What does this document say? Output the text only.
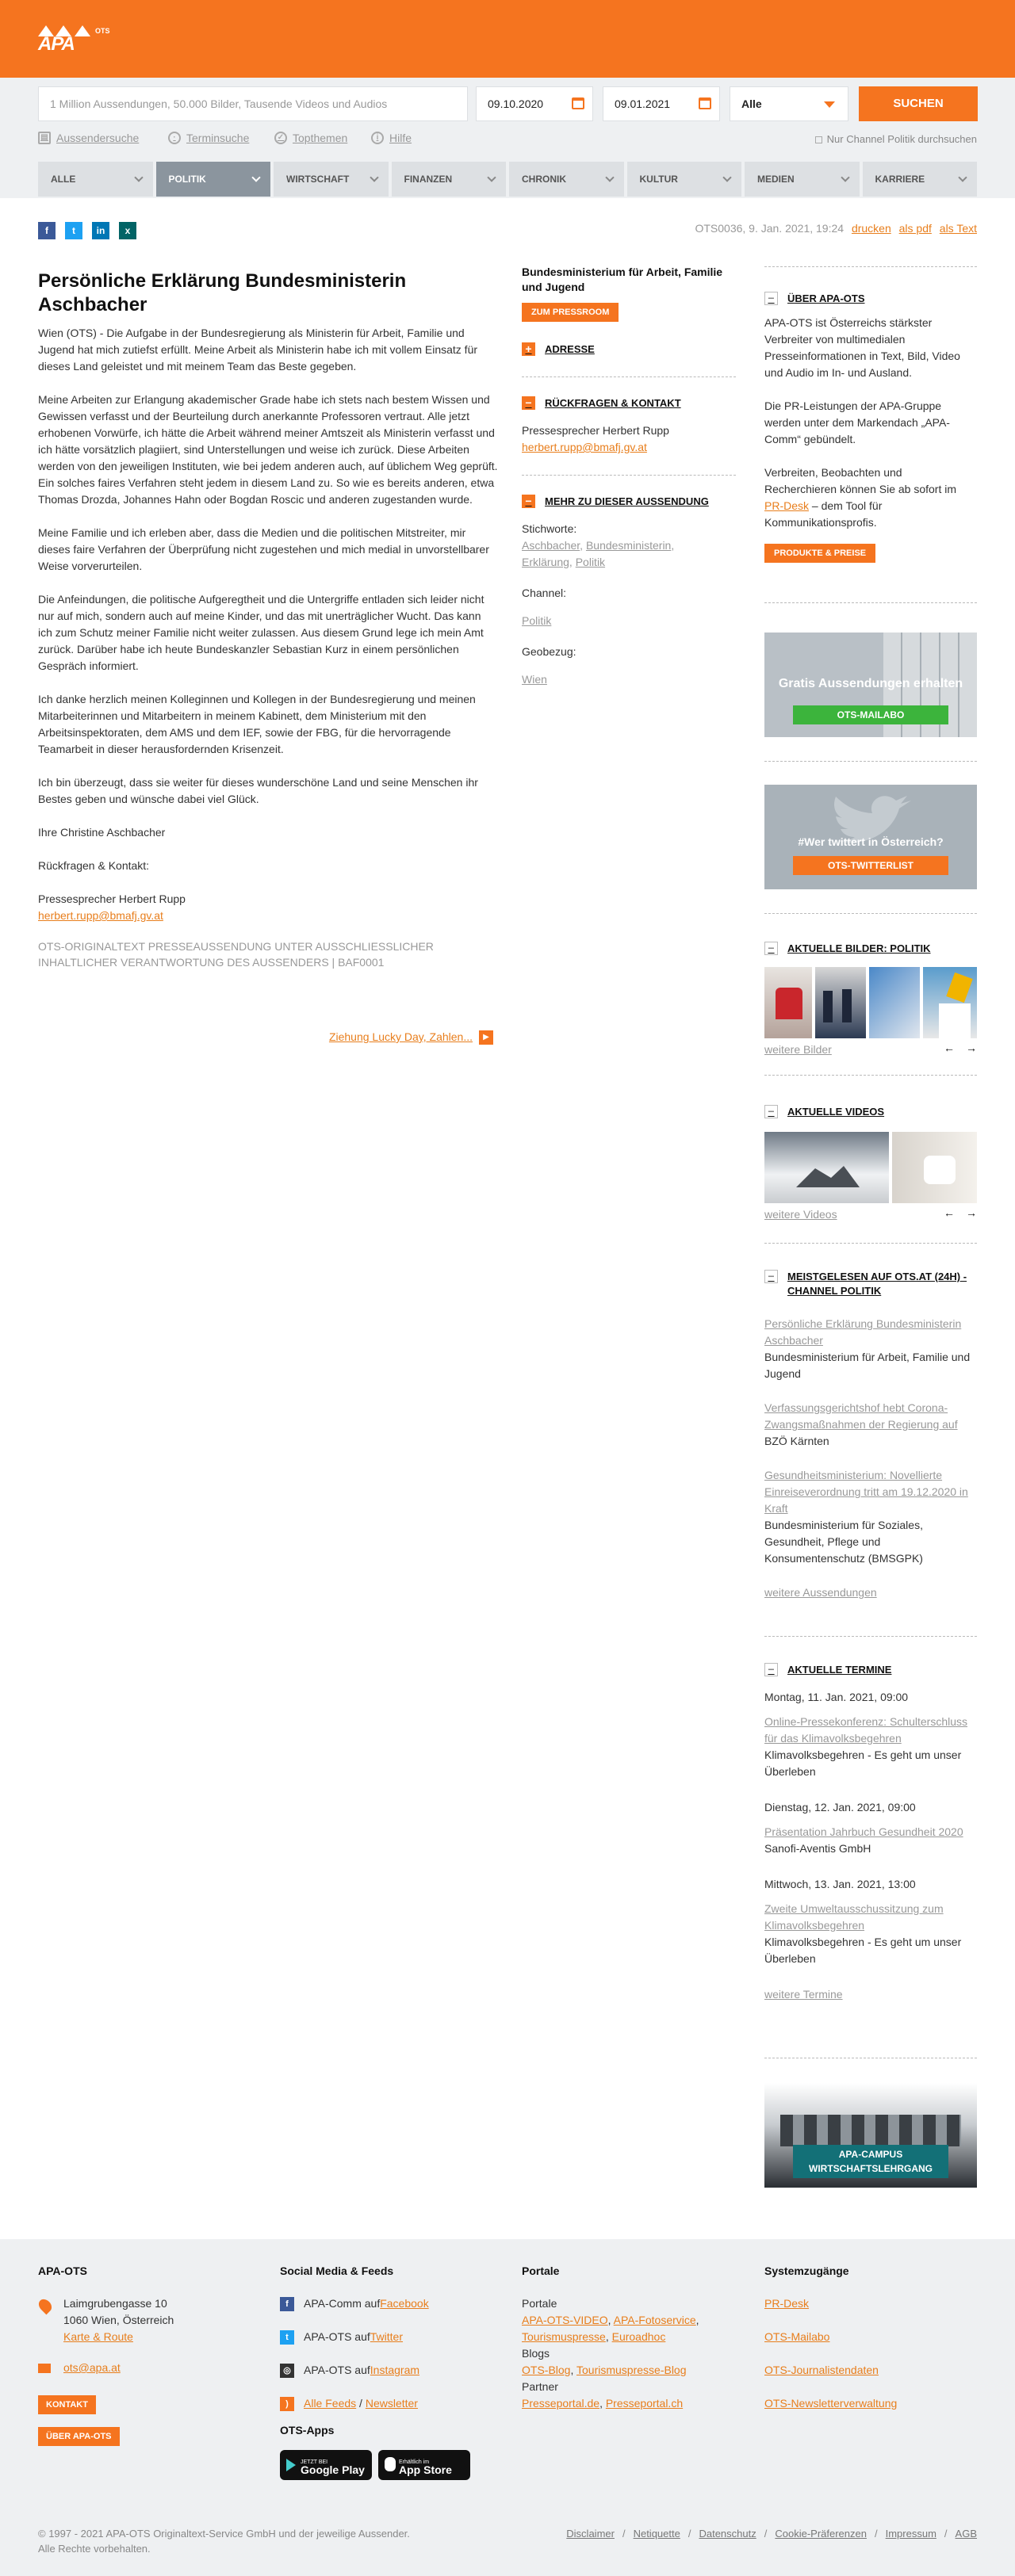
APA
OTS
1 Million Aussendungen, 50.000 Bilder, Tausende Videos und Audios	09.10.2020	09.01.2021	Alle	SUCHEN
▤ Aussendersuche	· Terminsuche	✓ Topthemen	i Hilfe	Nur Channel Politik durchsuchen
ALLE	POLITIK	WIRTSCHAFT	FINANZEN	CHRONIK	KULTUR	MEDIEN	KARRIERE
f	t	in	x	OTS0036, 9. Jan. 2021, 19:24 drucken als pdf als Text
Persönliche Erklärung Bundesministerin Aschbacher

Wien (OTS) - Die Aufgabe in der Bundesregierung als Ministerin für Arbeit, Familie und Jugend hat mich zutiefst erfüllt. Meine Arbeit als Ministerin habe ich mit vollem Einsatz für dieses Land geleistet und mit meinem Team das Beste gegeben.

Meine Arbeiten zur Erlangung akademischer Grade habe ich stets nach bestem Wissen und Gewissen verfasst und der Beurteilung durch anerkannte Professoren vertraut. Alle jetzt erhobenen Vorwürfe, ich hätte die Arbeit während meiner Amtszeit als Ministerin verfasst und ich hätte vorsätzlich plagiiert, sind Unterstellungen und weise ich zurück. Diese Arbeiten werden von den jeweiligen Instituten, wie bei jedem anderen auch, auf üblichem Weg geprüft. Ein solches faires Verfahren steht jedem in diesem Land zu. So wie es bereits anderen, etwa Thomas Drozda, Johannes Hahn oder Bogdan Roscic und anderen zugestanden wurde.

Meine Familie und ich erleben aber, dass die Medien und die politischen Mitstreiter, mir dieses faire Verfahren der Überprüfung nicht zugestehen und mich medial in unvorstellbarer Weise vorverurteilen.

Die Anfeindungen, die politische Aufgeregtheit und die Untergriffe entladen sich leider nicht nur auf mich, sondern auch auf meine Kinder, und das mit unerträglicher Wucht. Das kann ich zum Schutz meiner Familie nicht weiter zulassen. Aus diesem Grund lege ich mein Amt zurück. Darüber habe ich heute Bundeskanzler Sebastian Kurz in einem persönlichen Gespräch informiert.

Ich danke herzlich meinen Kolleginnen und Kollegen in der Bundesregierung und meinen Mitarbeiterinnen und Mitarbeitern in meinem Kabinett, dem Ministerium mit den Arbeitsinspektoraten, dem AMS und dem IEF, sowie der FBG, für die hervorragende Teamarbeit in dieser herausfordernden Krisenzeit.

Ich bin überzeugt, dass sie weiter für dieses wunderschöne Land und seine Menschen ihr Bestes geben und wünsche dabei viel Glück.

Ihre Christine Aschbacher

Rückfragen & Kontakt:

Pressesprecher Herbert Rupp

herbert.rupp@bmafj.gv.at

OTS-ORIGINALTEXT PRESSEAUSSENDUNG UNTER AUSSCHLIESSLICHER INHALTLICHER VERANTWORTUNG DES AUSSENDERS | BAF0001

Ziehung Lucky Day, Zahlen... ▶
Bundesministerium für Arbeit, Familie und Jugend
ZUM PRESSROOM
+	ADRESSE
−	RÜCKFRAGEN & KONTAKT
Pressesprecher Herbert Rupp
herbert.rupp@bmafj.gv.at
−	MEHR ZU DIESER AUSSENDUNG
Stichworte:
Aschbacher, Bundesministerin, Erklärung, Politik
Channel:
Politik
Geobezug:
Wien
−	ÜBER APA-OTS
APA-OTS ist Österreichs stärkster Verbreiter von multimedialen Presseinformationen in Text, Bild, Video und Audio im In- und Ausland.
Die PR-Leistungen der APA-Gruppe werden unter dem Markendach „APA-Comm“ gebündelt.
Verbreiten, Beobachten und Recherchieren können Sie ab sofort im PR-Desk – dem Tool für Kommunikationsprofis.
PRODUKTE & PREISE
Gratis Aussendungen erhalten
OTS-MAILABO
#Wer twittert in Österreich?
OTS-TWITTERLIST
−	AKTUELLE BILDER: POLITIK
weitere Bilder	← →
−	AKTUELLE VIDEOS
weitere Videos	← →
−	MEISTGELESEN AUF OTS.AT (24H) - CHANNEL POLITIK
Persönliche Erklärung Bundesministerin Aschbacher
Bundesministerium für Arbeit, Familie und Jugend
Verfassungsgerichtshof hebt Corona-Zwangsmaßnahmen der Regierung auf
BZÖ Kärnten
Gesundheitsministerium: Novellierte Einreiseverordnung tritt am 19.12.2020 in Kraft
Bundesministerium für Soziales, Gesundheit, Pflege und Konsumentenschutz (BMSGPK)
weitere Aussendungen
−	AKTUELLE TERMINE
Montag, 11. Jan. 2021, 09:00
Online-Pressekonferenz: Schulterschluss für das Klimavolksbegehren
Klimavolksbegehren - Es geht um unser Überleben
Dienstag, 12. Jan. 2021, 09:00
Präsentation Jahrbuch Gesundheit 2020
Sanofi-Aventis GmbH
Mittwoch, 13. Jan. 2021, 13:00
Zweite Umweltausschussitzung zum Klimavolksbegehren
Klimavolksbegehren - Es geht um unser Überleben
weitere Termine
APA-CAMPUS
WIRTSCHAFTSLEHRGANG
APA-OTS
Laimgrubengasse 10
1060 Wien, Österreich
Karte & Route
ots@apa.at
KONTAKT
ÜBER APA-OTS
Social Media & Feeds
f	APA-Comm auf Facebook
t	APA-OTS auf Twitter
◎	APA-OTS auf Instagram
)	Alle Feeds / Newsletter
OTS-Apps
JETZT BEI
Google Play
Erhältlich im
App Store
Portale
Portale
APA-OTS-VIDEO, APA-Fotoservice,
Tourismuspresse, Euroadhoc
Blogs
OTS-Blog, Tourismuspresse-Blog
Partner
Presseportal.de, Presseportal.ch
Systemzugänge
PR-Desk
OTS-Mailabo
OTS-Journalistendaten
OTS-Newsletterverwaltung
© 1997 - 2021 APA-OTS Originaltext-Service GmbH und der jeweilige Aussender.
Alle Rechte vorbehalten.
Disclaimer / Netiquette / Datenschutz / Cookie-Präferenzen / Impressum / AGB
